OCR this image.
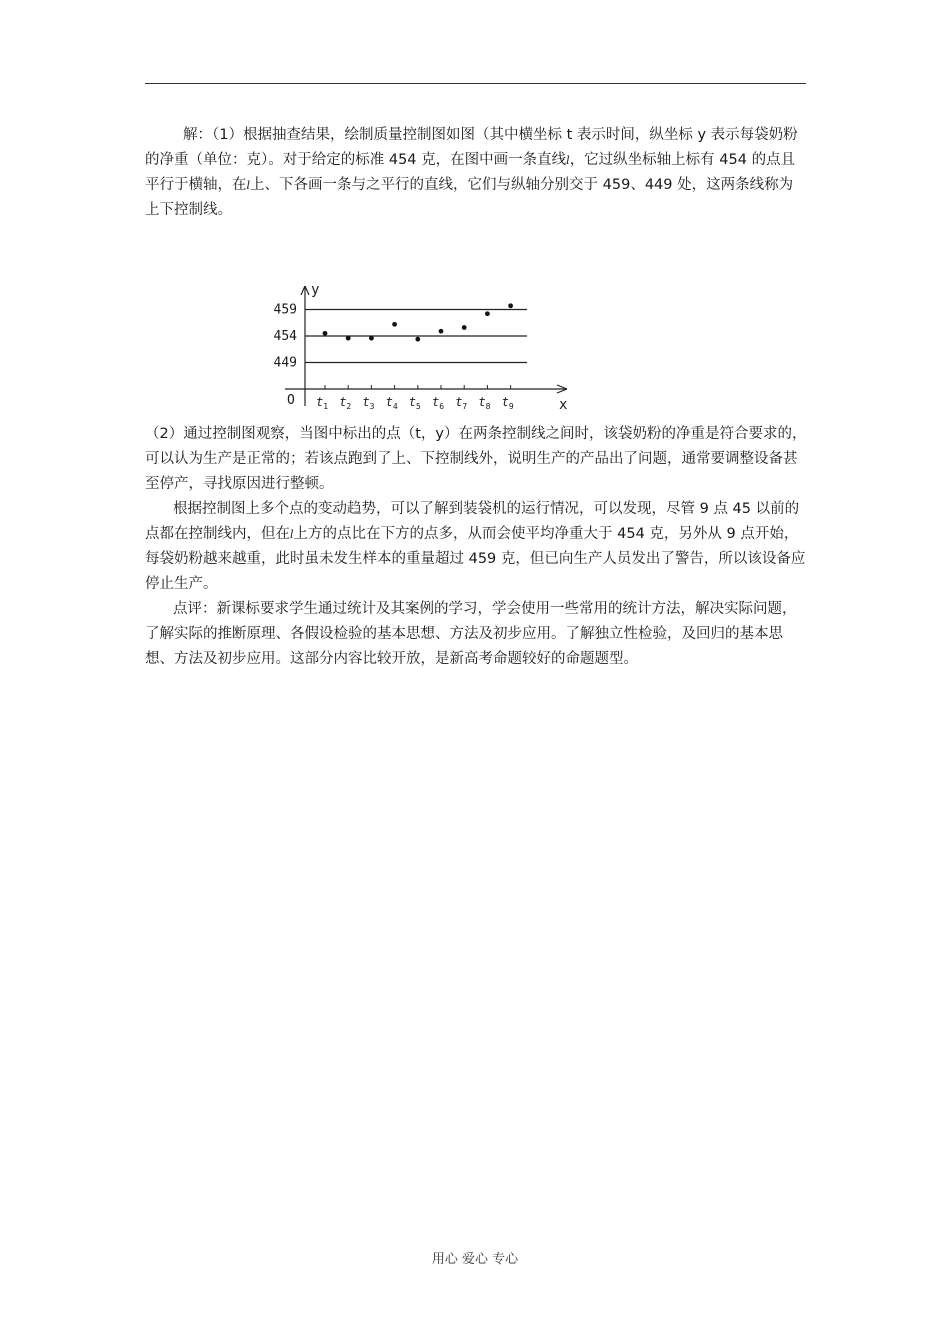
解：（1）根据抽查结果，绘制质量控制图如图（其中横坐标 t 表示时间，纵坐标 y 表示每袋奶粉的净重（单位：克）。对于给定的标准 454 克，在图中画一条直线l，它过纵坐标轴上标有 454 的点且平行于横轴，在l上、下各画一条与之平行的直线，它们与纵轴分别交于 459、449 处，这两条线称为上下控制线。

459
454
449
y
x
O $t_1$ $t_2$ $t_3$ $t_4$ $t_5$ $t_6$ $t_7$ $t_8$ $t_9$

（2）通过控制图观察，当图中标出的点（t，y）在两条控制线之间时，该袋奶粉的净重是符合要求的，可以认为生产是正常的；若该点跑到了上、下控制线外，说明生产的产品出了问题，通常要调整设备甚至停产，寻找原因进行整顿。

根据控制图上多个点的变动趋势，可以了解到装袋机的运行情况，可以发现，尽管 9 点 45 以前的点都在控制线内，但在l上方的点比在下方的点多，从而会使平均净重大于 454 克，另外从 9 点开始，每袋奶粉越来越重，此时虽未发生样本的重量超过 459 克，但已向生产人员发出了警告，所以该设备应停止生产。

点评：新课标要求学生通过统计及其案例的学习，学会使用一些常用的统计方法，解决实际问题，了解实际的推断原理、各假设检验的基本思想、方法及初步应用。了解独立性检验，及回归的基本思想、方法及初步应用。这部分内容比较开放，是新高考命题较好的命题题型。

用心 爱心 专心
